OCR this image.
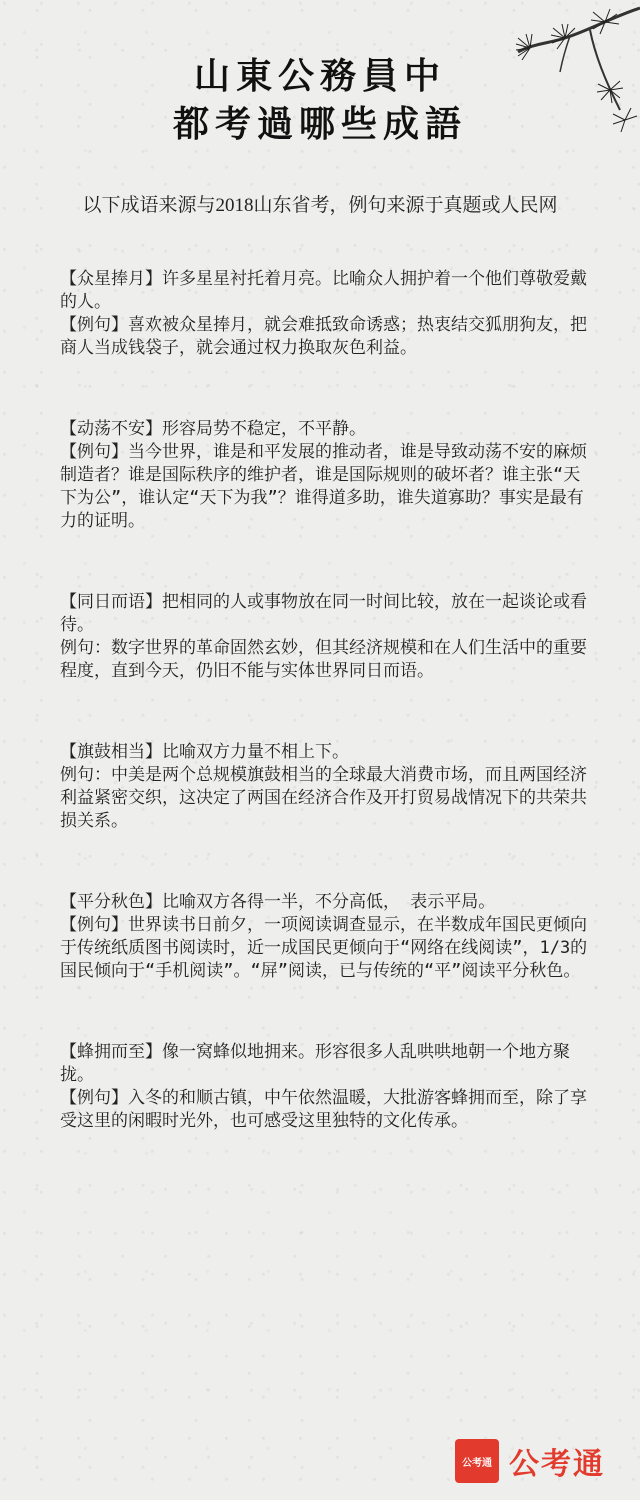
山東公務員中
都考過哪些成語
以下成语来源与2018山东省考，例句来源于真题或人民网

【众星捧月】许多星星衬托着月亮。比喻众人拥护着一个他们尊敬爱戴的人。

【例句】喜欢被众星捧月，就会难抵致命诱惑；热衷结交狐朋狗友，把商人当成钱袋子，就会通过权力换取灰色利益。

【动荡不安】形容局势不稳定，不平静。

【例句】当今世界，谁是和平发展的推动者，谁是导致动荡不安的麻烦制造者？谁是国际秩序的维护者，谁是国际规则的破坏者？谁主张“天下为公”，谁认定“天下为我”？谁得道多助，谁失道寡助？事实是最有力的证明。

【同日而语】把相同的人或事物放在同一时间比较，放在一起谈论或看待。

例句：数字世界的革命固然玄妙，但其经济规模和在人们生活中的重要程度，直到今天，仍旧不能与实体世界同日而语。

【旗鼓相当】比喻双方力量不相上下。

例句：中美是两个总规模旗鼓相当的全球最大消费市场，而且两国经济利益紧密交织，这决定了两国在经济合作及开打贸易战情况下的共荣共损关系。

【平分秋色】比喻双方各得一半，不分高低， 表示平局。

【例句】世界读书日前夕，一项阅读调查显示，在半数成年国民更倾向于传统纸质图书阅读时，近一成国民更倾向于“网络在线阅读”，1/3的国民倾向于“手机阅读”。“屏”阅读，已与传统的“平”阅读平分秋色。

【蜂拥而至】像一窝蜂似地拥来。形容很多人乱哄哄地朝一个地方聚拢。

【例句】入冬的和顺古镇，中午依然温暖，大批游客蜂拥而至，除了享受这里的闲暇时光外，也可感受这里独特的文化传承。

公考通 公考通
